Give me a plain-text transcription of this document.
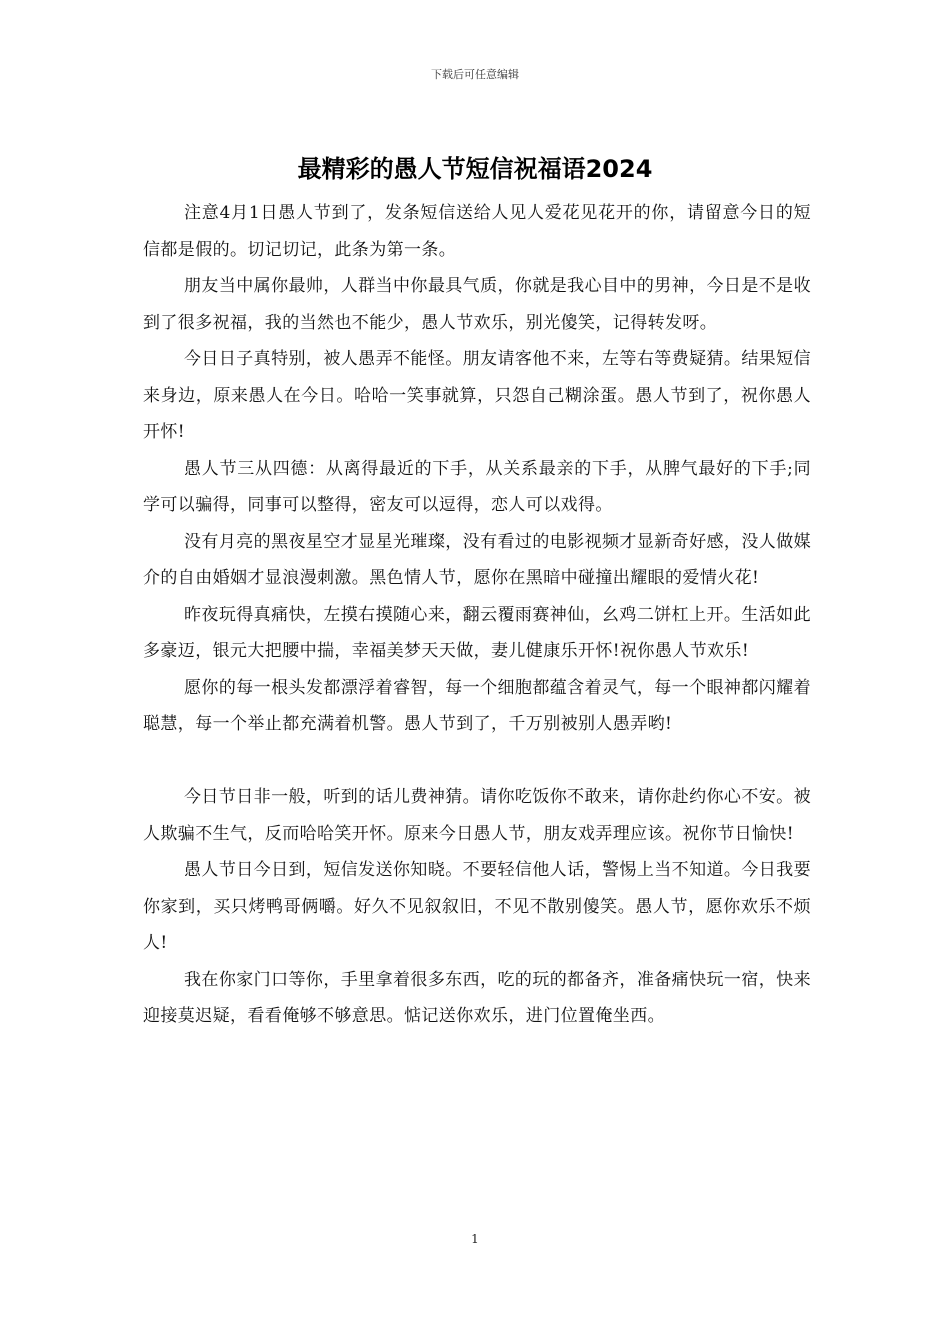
下载后可任意编辑
最精彩的愚人节短信祝福语2024

注意4月1日愚人节到了，发条短信送给人见人爱花见花开的你，请留意今日的短信都是假的。切记切记，此条为第一条。

朋友当中属你最帅，人群当中你最具气质，你就是我心目中的男神，今日是不是收到了很多祝福，我的当然也不能少，愚人节欢乐，别光傻笑，记得转发呀。

今日日子真特别，被人愚弄不能怪。朋友请客他不来，左等右等费疑猜。结果短信来身边，原来愚人在今日。哈哈一笑事就算，只怨自己糊涂蛋。愚人节到了，祝你愚人开怀!

愚人节三从四德：从离得最近的下手，从关系最亲的下手，从脾气最好的下手;同学可以骗得，同事可以整得，密友可以逗得，恋人可以戏得。

没有月亮的黑夜星空才显星光璀璨，没有看过的电影视频才显新奇好感，没人做媒介的自由婚姻才显浪漫刺激。黑色情人节，愿你在黑暗中碰撞出耀眼的爱情火花!

昨夜玩得真痛快，左摸右摸随心来，翻云覆雨赛神仙，幺鸡二饼杠上开。生活如此多豪迈，银元大把腰中揣，幸福美梦天天做，妻儿健康乐开怀!祝你愚人节欢乐!

愿你的每一根头发都漂浮着睿智，每一个细胞都蕴含着灵气，每一个眼神都闪耀着聪慧，每一个举止都充满着机警。愚人节到了，千万别被别人愚弄哟!

今日节日非一般，听到的话儿费神猜。请你吃饭你不敢来，请你赴约你心不安。被人欺骗不生气，反而哈哈笑开怀。原来今日愚人节，朋友戏弄理应该。祝你节日愉快!

愚人节日今日到，短信发送你知晓。不要轻信他人话，警惕上当不知道。今日我要你家到，买只烤鸭哥俩嚼。好久不见叙叙旧，不见不散别傻笑。愚人节，愿你欢乐不烦人!

我在你家门口等你，手里拿着很多东西，吃的玩的都备齐，准备痛快玩一宿，快来迎接莫迟疑，看看俺够不够意思。惦记送你欢乐，进门位置俺坐西。

1
